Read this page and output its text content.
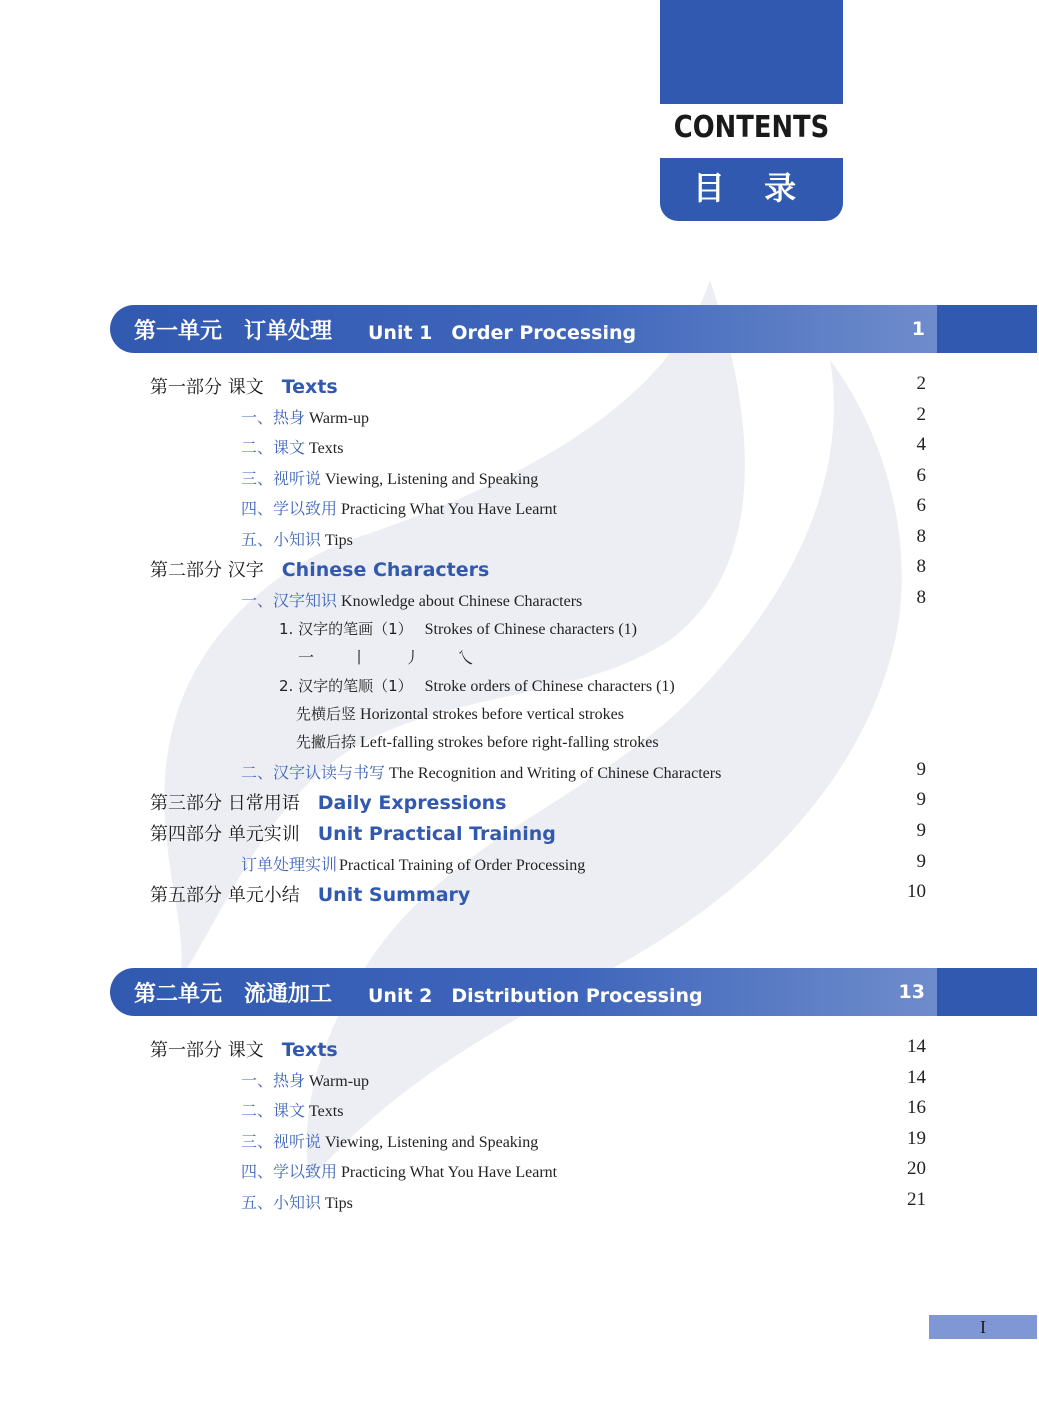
CONTENTS
目 录
第一单元　订单处理 Unit 1　Order Processing	1
第一部分 课文 Texts	2
一、热身 Warm-up	2
二、课文 Texts	4
三、视听说 Viewing, Listening and Speaking	6
四、学以致用 Practicing What You Have Learnt	6
五、小知识 Tips	8
第二部分 汉字 Chinese Characters	8
一、汉字知识 Knowledge about Chinese Characters	8
1. 汉字的笔画（1） Strokes of Chinese characters (1)
一 丨 丿 乀
2. 汉字的笔顺（1） Stroke orders of Chinese characters (1)
先横后竖 Horizontal strokes before vertical strokes
先撇后捺 Left-falling strokes before right-falling strokes
二、汉字认读与书写 The Recognition and Writing of Chinese Characters	9
第三部分 日常用语 Daily Expressions	9
第四部分 单元实训 Unit Practical Training	9
订单处理实训 Practical Training of Order Processing	9
第五部分 单元小结 Unit Summary	10
第二单元　流通加工 Unit 2　Distribution Processing	13
第一部分 课文 Texts	14
一、热身 Warm-up	14
二、课文 Texts	16
三、视听说 Viewing, Listening and Speaking	19
四、学以致用 Practicing What You Have Learnt	20
五、小知识 Tips	21
I
